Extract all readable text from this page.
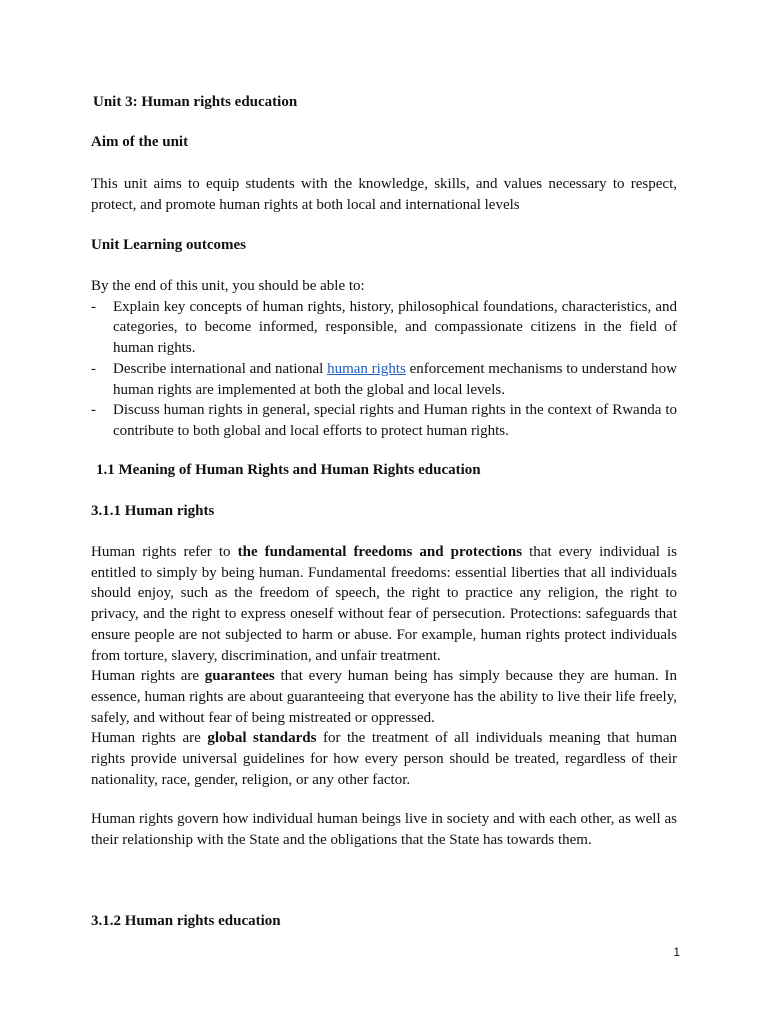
Unit 3: Human rights education

Aim of the unit

This unit aims to equip students with the knowledge, skills, and values necessary to respect, protect, and promote human rights at both local and international levels

Unit Learning outcomes

By the end of this unit, you should be able to:

- Explain key concepts of human rights, history, philosophical foundations, characteristics, and categories, to become informed, responsible, and compassionate citizens in the field of human rights.
- Describe international and national human rights enforcement mechanisms to understand how human rights are implemented at both the global and local levels.
- Discuss human rights in general, special rights and Human rights in the context of Rwanda to contribute to both global and local efforts to protect human rights.

1.1 Meaning of Human Rights and Human Rights education

3.1.1 Human rights

Human rights refer to the fundamental freedoms and protections that every individual is entitled to simply by being human. Fundamental freedoms: essential liberties that all individuals should enjoy, such as the freedom of speech, the right to practice any religion, the right to privacy, and the right to express oneself without fear of persecution. Protections: safeguards that ensure people are not subjected to harm or abuse. For example, human rights protect individuals from torture, slavery, discrimination, and unfair treatment.

Human rights are guarantees that every human being has simply because they are human. In essence, human rights are about guaranteeing that everyone has the ability to live their life freely, safely, and without fear of being mistreated or oppressed.

Human rights are global standards for the treatment of all individuals meaning that human rights provide universal guidelines for how every person should be treated, regardless of their nationality, race, gender, religion, or any other factor.

Human rights govern how individual human beings live in society and with each other, as well as their relationship with the State and the obligations that the State has towards them.

3.1.2 Human rights education

1
